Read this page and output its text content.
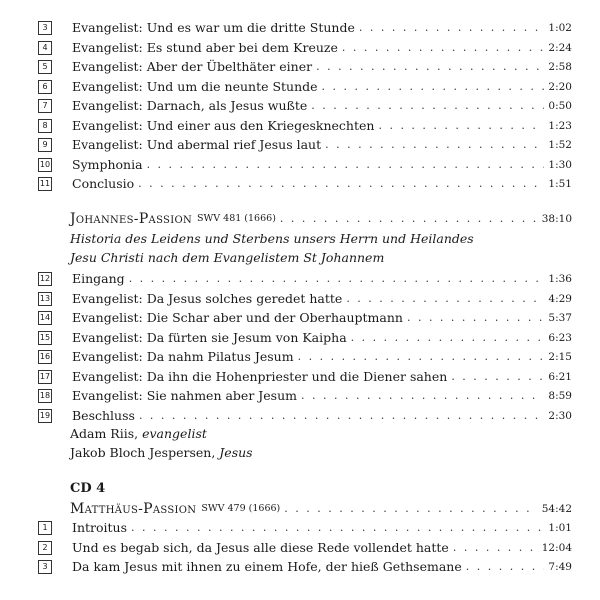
3	Evangelist: Und es war um die dritte Stunde . . .	1:02
4	Evangelist: Es stund aber bei dem Kreuze . . .	2:24
5	Evangelist: Aber der Übelthäter einer . . .	2:58
6	Evangelist: Und um die neunte Stunde . . .	2:20
7	Evangelist: Darnach, als Jesus wußte . . .	0:50
8	Evangelist: Und einer aus den Kriegesknechten . . .	1:23
9	Evangelist: Und abermal rief Jesus laut . . .	1:52
10 Symphonia . . .	1:30
11 Conclusio . . .	1:51
Johannes-Passion SWV 481 (1666) . . .	38:10
Historia des Leidens und Sterbens unsers Herrn und Heilandes
Jesu Christi nach dem Evangelistem St Johannem
12 Eingang . . .	1:36
13 Evangelist: Da Jesus solches geredet hatte . . .	4:29
14 Evangelist: Die Schar aber und der Oberhauptmann . . .	5:37
15 Evangelist: Da fürten sie Jesum von Kaipha . . .	6:23
16 Evangelist: Da nahm Pilatus Jesum . . .	2:15
17 Evangelist: Da ihn die Hohenpriester und die Diener sahen . . .	6:21
18 Evangelist: Sie nahmen aber Jesum . . .	8:59
19 Beschluss . . .	2:30
Adam Riis, evangelist
Jakob Bloch Jespersen, Jesus
CD 4
Matthäus-Passion SWV 479 (1666) . . .	54:42
1	Introitus . . .	1:01
2	Und es begab sich, da Jesus alle diese Rede vollendet hatte . . .	12:04
3	Da kam Jesus mit ihnen zu einem Hofe, der hieß Gethsemane . . .	7:49
